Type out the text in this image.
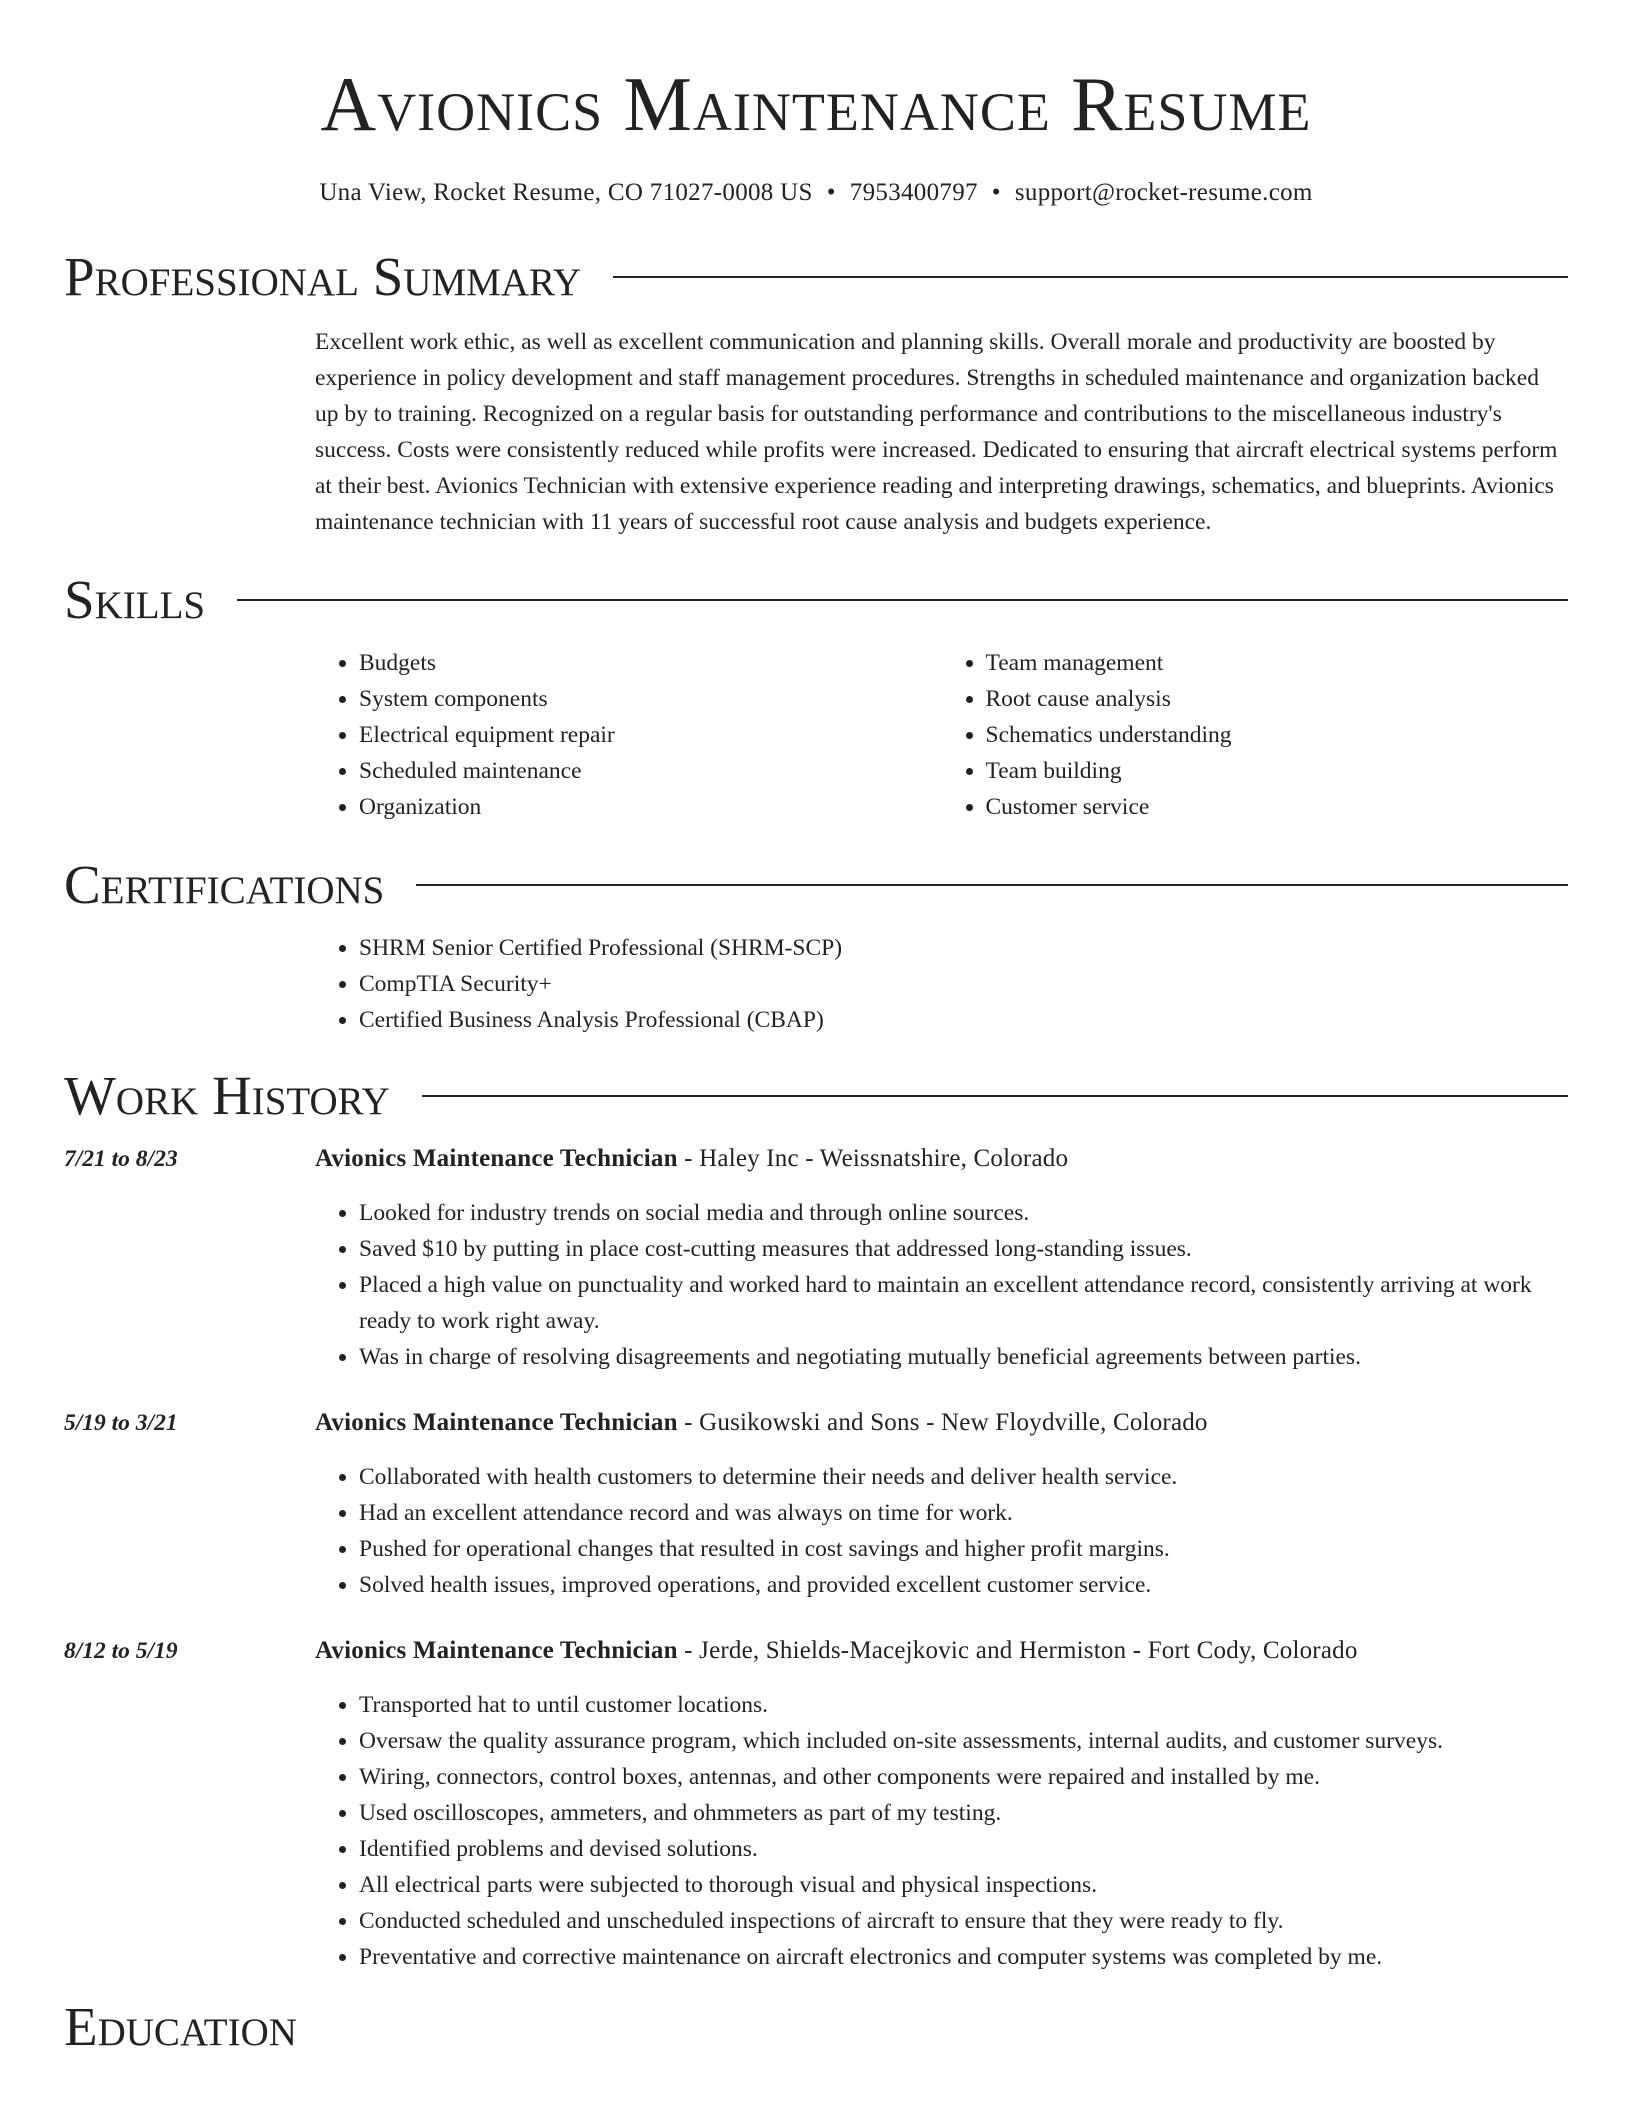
Avionics Maintenance Resume
Una View, Rocket Resume, CO 71027-0008 US • 7953400797 • support@rocket-resume.com
Professional Summary
Excellent work ethic, as well as excellent communication and planning skills. Overall morale and productivity are boosted by experience in policy development and staff management procedures. Strengths in scheduled maintenance and organization backed up by to training. Recognized on a regular basis for outstanding performance and contributions to the miscellaneous industry's success. Costs were consistently reduced while profits were increased. Dedicated to ensuring that aircraft electrical systems perform at their best. Avionics Technician with extensive experience reading and interpreting drawings, schematics, and blueprints. Avionics maintenance technician with 11 years of successful root cause analysis and budgets experience.
Skills
• Budgets
• System components
• Electrical equipment repair
• Scheduled maintenance
• Organization
• Team management
• Root cause analysis
• Schematics understanding
• Team building
• Customer service
Certifications
• SHRM Senior Certified Professional (SHRM-SCP)
• CompTIA Security+
• Certified Business Analysis Professional (CBAP)
Work History
7/21 to 8/23	Avionics Maintenance Technician - Haley Inc - Weissnatshire, Colorado
• Looked for industry trends on social media and through online sources.
• Saved $10 by putting in place cost-cutting measures that addressed long-standing issues.
• Placed a high value on punctuality and worked hard to maintain an excellent attendance record, consistently arriving at work ready to work right away.
• Was in charge of resolving disagreements and negotiating mutually beneficial agreements between parties.
5/19 to 3/21	Avionics Maintenance Technician - Gusikowski and Sons - New Floydville, Colorado
• Collaborated with health customers to determine their needs and deliver health service.
• Had an excellent attendance record and was always on time for work.
• Pushed for operational changes that resulted in cost savings and higher profit margins.
• Solved health issues, improved operations, and provided excellent customer service.
8/12 to 5/19	Avionics Maintenance Technician - Jerde, Shields-Macejkovic and Hermiston - Fort Cody, Colorado
• Transported hat to until customer locations.
• Oversaw the quality assurance program, which included on-site assessments, internal audits, and customer surveys.
• Wiring, connectors, control boxes, antennas, and other components were repaired and installed by me.
• Used oscilloscopes, ammeters, and ohmmeters as part of my testing.
• Identified problems and devised solutions.
• All electrical parts were subjected to thorough visual and physical inspections.
• Conducted scheduled and unscheduled inspections of aircraft to ensure that they were ready to fly.
• Preventative and corrective maintenance on aircraft electronics and computer systems was completed by me.
Education
